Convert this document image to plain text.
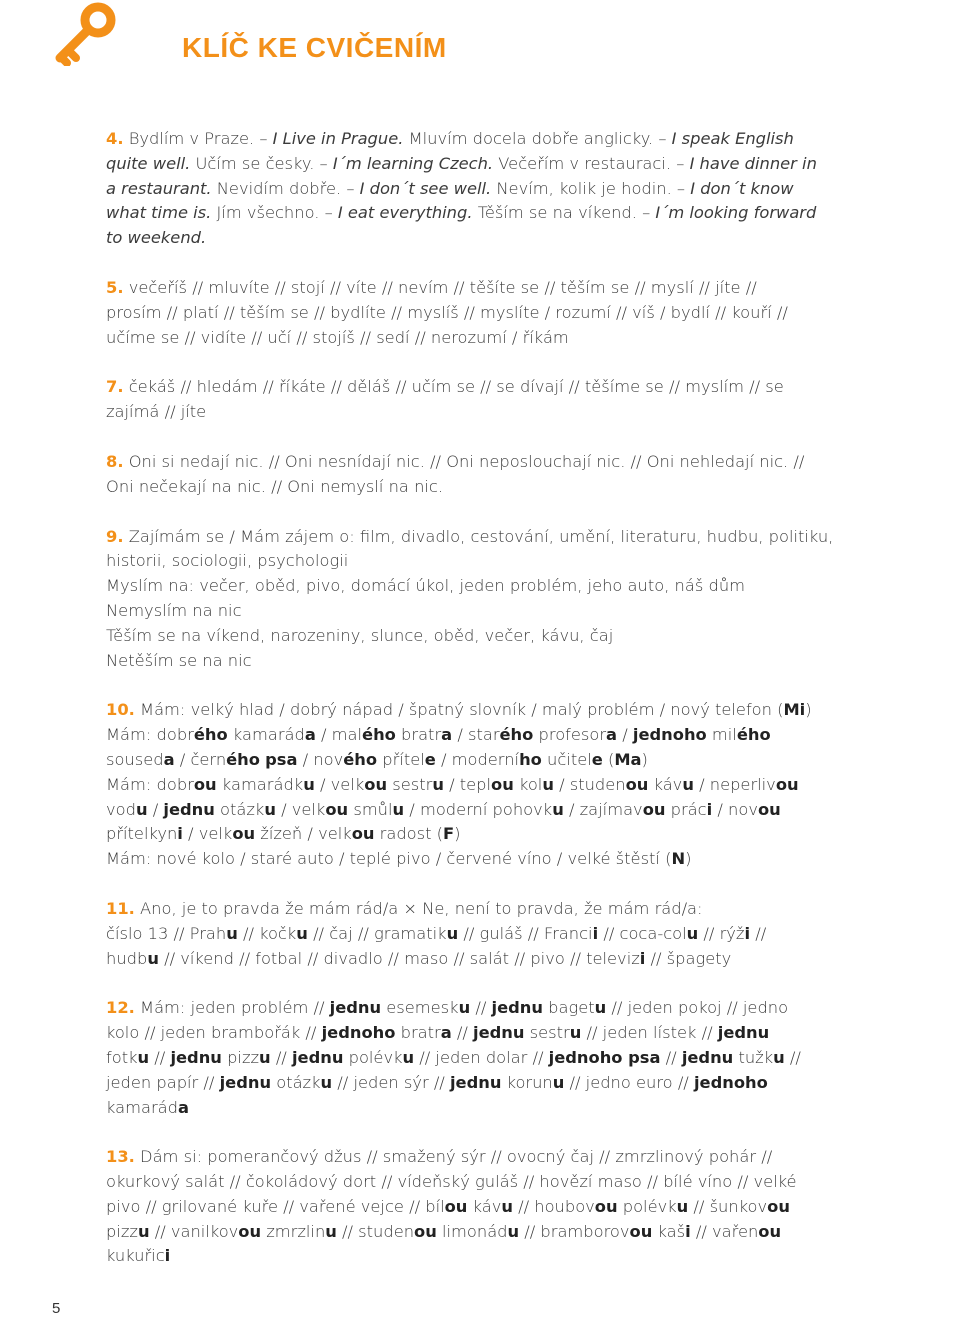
KLÍČ KE CVIČENÍM

4. Bydlím v Praze. – I Live in Prague. Mluvím docela dobře anglicky. – I speak English
quite well. Učím se česky. – I´m learning Czech. Večeřím v restauraci. – I have dinner in
a restaurant. Nevidím dobře. – I don´t see well. Nevím, kolik je hodin. – I don´t know
what time is. Jím všechno. – I eat everything. Těším se na víkend. – I´m looking forward
to weekend.

5. večeříš // mluvíte // stojí // víte // nevím // těšíte se // těším se // myslí // jíte //
prosím // platí // těším se // bydlíte // myslíš // myslíte / rozumí // víš / bydlí // kouří //
učíme se // vidíte // učí // stojíš // sedí // nerozumí / říkám

7. čekáš // hledám // říkáte // děláš // učím se // se dívají // těšíme se // myslím // se
zajímá // jíte

8. Oni si nedají nic. // Oni nesnídají nic. // Oni neposlouchají nic. // Oni nehledají nic. //
Oni nečekají na nic. // Oni nemyslí na nic.

9. Zajímám se / Mám zájem o: film, divadlo, cestování, umění, literaturu, hudbu, politiku,
historii, sociologii, psychologii
Myslím na: večer, oběd, pivo, domácí úkol, jeden problém, jeho auto, náš dům
Nemyslím na nic
Těším se na víkend, narozeniny, slunce, oběd, večer, kávu, čaj
Netěším se na nic

10. Mám: velký hlad / dobrý nápad / špatný slovník / malý problém / nový telefon (Mi)
Mám: dobrého kamaráda / malého bratra / starého profesora / jednoho milého
souseda / černého psa / nového přítele / moderního učitele (Ma)
Mám: dobrou kamarádku / velkou sestru / teplou kolu / studenou kávu / neperlivou
vodu / jednu otázku / velkou smůlu / moderní pohovku / zajímavou práci / novou
přítelkyni / velkou žízeň / velkou radost (F)
Mám: nové kolo / staré auto / teplé pivo / červené víno / velké štěstí (N)

11. Ano, je to pravda že mám rád/a × Ne, není to pravda, že mám rád/a:
číslo 13 // Prahu // kočku // čaj // gramatiku // guláš // Francii // coca-colu // rýži //
hudbu // víkend // fotbal // divadlo // maso // salát // pivo // televizi // špagety

12. Mám: jeden problém // jednu esemesku // jednu bagetu // jeden pokoj // jedno
kolo // jeden brambořák // jednoho bratra // jednu sestru // jeden lístek // jednu
fotku // jednu pizzu // jednu polévku // jeden dolar // jednoho psa // jednu tužku //
jeden papír // jednu otázku // jeden sýr // jednu korunu // jedno euro // jednoho
kamaráda

13. Dám si: pomerančový džus // smažený sýr // ovocný čaj // zmrzlinový pohár //
okurkový salát // čokoládový dort // vídeňský guláš // hovězí maso // bílé víno // velké
pivo // grilované kuře // vařené vejce // bílou kávu // houbovou polévku // šunkovou
pizzu // vanilkovou zmrzlinu // studenou limonádu // bramborovou kaši // vařenou
kukuřici

5
